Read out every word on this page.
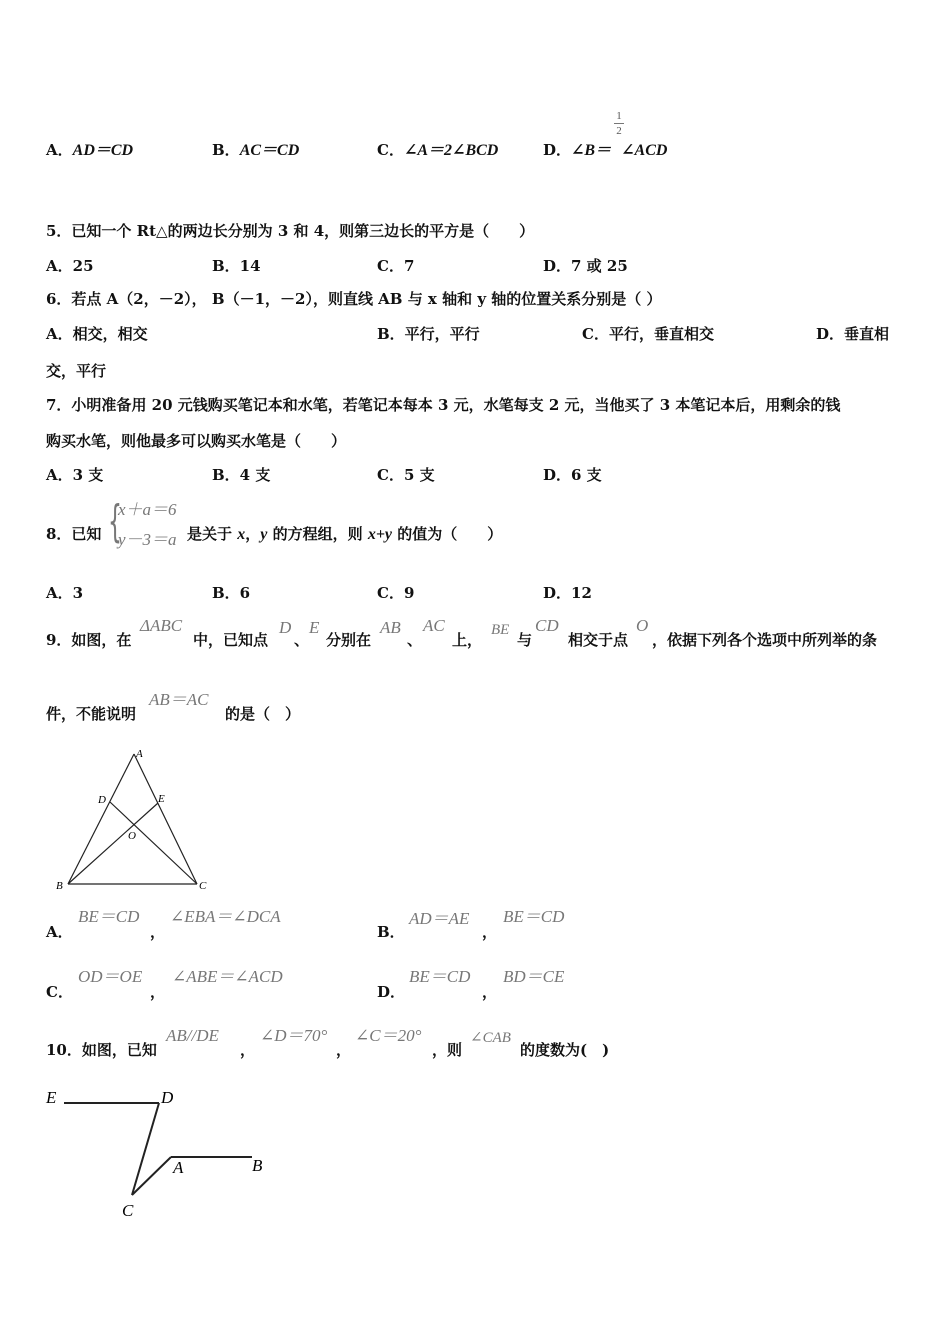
A．AD＝CD	B．AC＝CD	C．∠A＝2∠BCD	D．∠B＝ ∠ACD
1
2
5．已知一个 Rt△的两边长分别为 3 和 4，则第三边长的平方是（　　）
A．25	B．14	C．7	D．7 或 25
6．若点 A（2，－2）， B（－1，－2），则直线 AB 与 x 轴和 y 轴的位置关系分别是（ ）
A．相交，相交	B．平行，平行	C．平行，垂直相交	D．垂直相
交，平行
7．小明准备用 20 元钱购买笔记本和水笔，若笔记本每本 3 元，水笔每支 2 元，当他买了 3 本笔记本后，用剩余的钱
购买水笔，则他最多可以购买水笔是（　　）
A．3 支	B．4 支	C．5 支	D．6 支
8．已知 {
x＋a＝6
y－3＝a 是关于 x，y 的方程组，则 x+y 的值为（　　）
A．3	B．6	C．9	D．12
9．如图，在
ΔABC
中，已知点
D
、
E
分别在
AB
、
AC
上，
BE
与
CD
相交于点
O
，依据下列各个选项中所列举的条
件，不能说明
AB＝AC
的是（　）
A
D	E
O
B	C
A．
BE＝CD
，
∠EBA＝∠DCA
B．
AD＝AE
，
BE＝CD
C．
OD＝OE
，
∠ABE＝∠ACD
D．
BE＝CD
，
BD＝CE
10．如图，已知
AB//DE
，
∠D＝70°
，
∠C＝20°
，则
∠CAB
的度数为(　)
E	D
A	B
C
